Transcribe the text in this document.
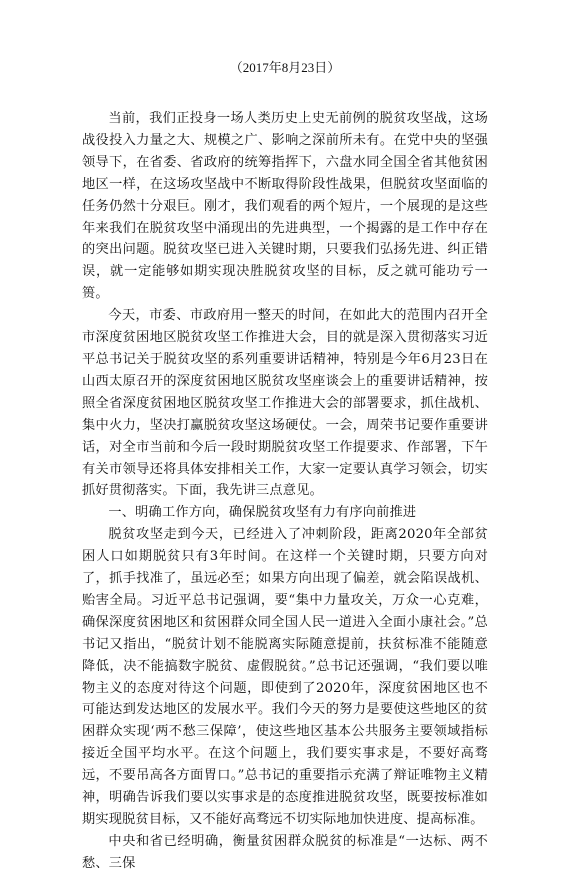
（2017年8月23日）

当前，我们正投身一场人类历史上史无前例的脱贫攻坚战，这场战役投入力量之大、规模之广、影响之深前所未有。在党中央的坚强领导下，在省委、省政府的统筹指挥下，六盘水同全国全省其他贫困地区一样，在这场攻坚战中不断取得阶段性战果，但脱贫攻坚面临的任务仍然十分艰巨。刚才，我们观看的两个短片，一个展现的是这些年来我们在脱贫攻坚中涌现出的先进典型，一个揭露的是工作中存在的突出问题。脱贫攻坚已进入关键时期，只要我们弘扬先进、纠正错误，就一定能够如期实现决胜脱贫攻坚的目标，反之就可能功亏一篑。

今天，市委、市政府用一整天的时间，在如此大的范围内召开全市深度贫困地区脱贫攻坚工作推进大会，目的就是深入贯彻落实习近平总书记关于脱贫攻坚的系列重要讲话精神，特别是今年6月23日在山西太原召开的深度贫困地区脱贫攻坚座谈会上的重要讲话精神，按照全省深度贫困地区脱贫攻坚工作推进大会的部署要求，抓住战机、集中火力，坚决打赢脱贫攻坚这场硬仗。一会，周荣书记要作重要讲话，对全市当前和今后一段时期脱贫攻坚工作提要求、作部署，下午有关市领导还将具体安排相关工作，大家一定要认真学习领会，切实抓好贯彻落实。下面，我先讲三点意见。

一、明确工作方向，确保脱贫攻坚有力有序向前推进

脱贫攻坚走到今天，已经进入了冲刺阶段，距离2020年全部贫困人口如期脱贫只有3年时间。在这样一个关键时期，只要方向对了，抓手找准了，虽远必至；如果方向出现了偏差，就会陷误战机、贻害全局。习近平总书记强调，要“集中力量攻关，万众一心克难，确保深度贫困地区和贫困群众同全国人民一道进入全面小康社会。”总书记又指出，“脱贫计划不能脱离实际随意提前，扶贫标准不能随意降低，决不能搞数字脱贫、虚假脱贫。”总书记还强调，“我们要以唯物主义的态度对待这个问题，即使到了2020年，深度贫困地区也不可能达到发达地区的发展水平。我们今天的努力是要使这些地区的贫困群众实现‘两不愁三保障’，使这些地区基本公共服务主要领域指标接近全国平均水平。在这个问题上，我们要实事求是，不要好高骛远，不要吊高各方面胃口。”总书记的重要指示充满了辩证唯物主义精神，明确告诉我们要以实事求是的态度推进脱贫攻坚，既要按标准如期实现脱贫目标，又不能好高骛远不切实际地加快进度、提高标准。

中央和省已经明确，衡量贫困群众脱贫的标准是“一达标、两不愁、三保
